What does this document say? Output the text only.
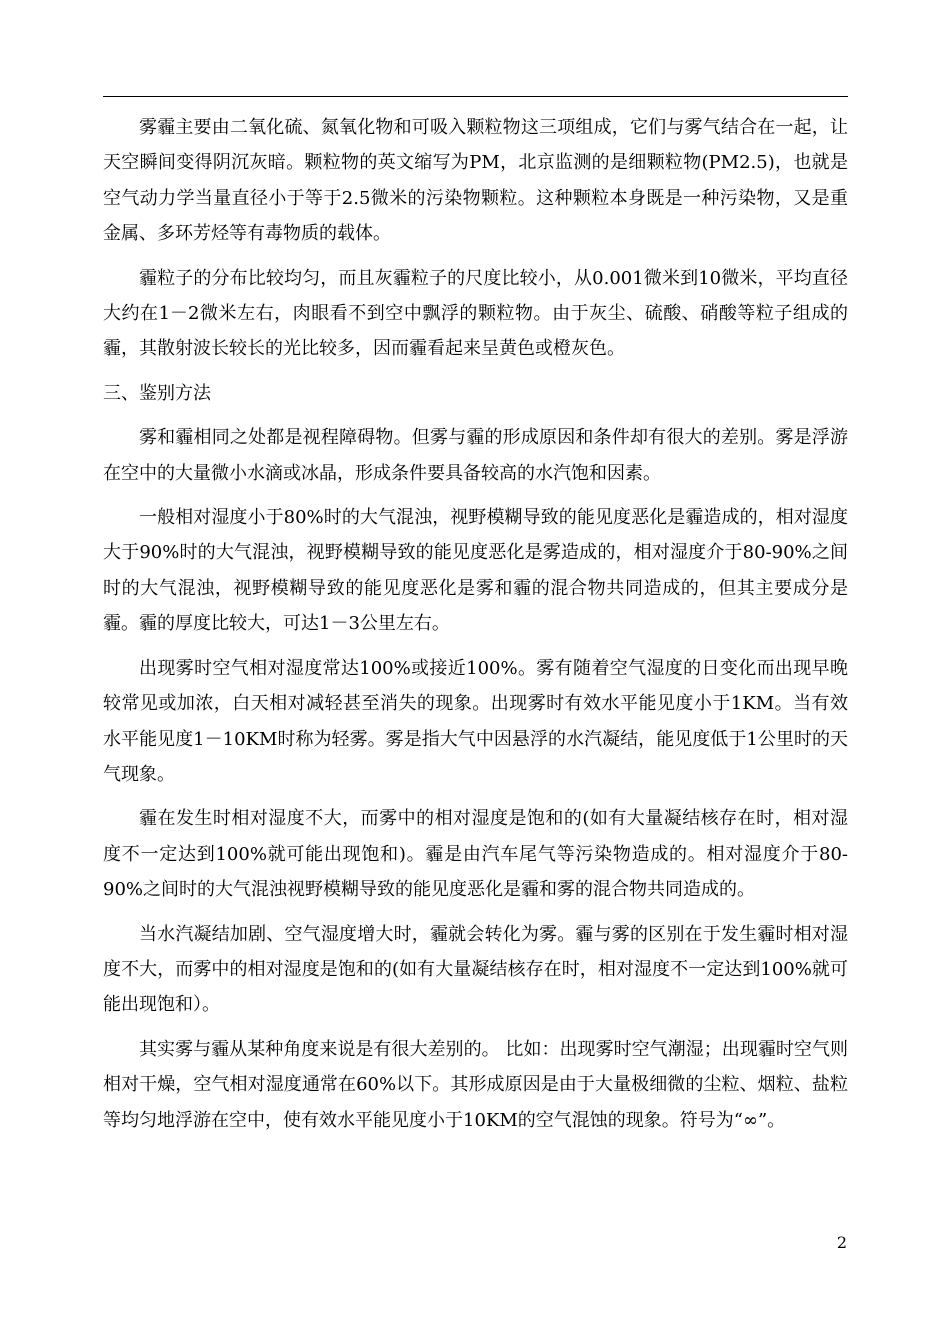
雾霾主要由二氧化硫、氮氧化物和可吸入颗粒物这三项组成，它们与雾气结合在一起，让天空瞬间变得阴沉灰暗。颗粒物的英文缩写为PM，北京监测的是细颗粒物(PM2.5)，也就是空气动力学当量直径小于等于2.5微米的污染物颗粒。这种颗粒本身既是一种污染物，又是重金属、多环芳烃等有毒物质的载体。

霾粒子的分布比较均匀，而且灰霾粒子的尺度比较小，从0.001微米到10微米，平均直径大约在1－2微米左右，肉眼看不到空中飘浮的颗粒物。由于灰尘、硫酸、硝酸等粒子组成的霾，其散射波长较长的光比较多，因而霾看起来呈黄色或橙灰色。

三、鉴别方法

雾和霾相同之处都是视程障碍物。但雾与霾的形成原因和条件却有很大的差别。雾是浮游在空中的大量微小水滴或冰晶，形成条件要具备较高的水汽饱和因素。

一般相对湿度小于80%时的大气混浊，视野模糊导致的能见度恶化是霾造成的，相对湿度大于90%时的大气混浊，视野模糊导致的能见度恶化是雾造成的，相对湿度介于80-90%之间时的大气混浊，视野模糊导致的能见度恶化是雾和霾的混合物共同造成的，但其主要成分是霾。霾的厚度比较大，可达1－3公里左右。

出现雾时空气相对湿度常达100%或接近100%。雾有随着空气湿度的日变化而出现早晚较常见或加浓，白天相对减轻甚至消失的现象。出现雾时有效水平能见度小于1KM。当有效水平能见度1－10KM时称为轻雾。雾是指大气中因悬浮的水汽凝结，能见度低于1公里时的天气现象。

霾在发生时相对湿度不大，而雾中的相对湿度是饱和的(如有大量凝结核存在时，相对湿度不一定达到100%就可能出现饱和)。霾是由汽车尾气等污染物造成的。相对湿度介于80-90%之间时的大气混浊视野模糊导致的能见度恶化是霾和雾的混合物共同造成的。

当水汽凝结加剧、空气湿度增大时，霾就会转化为雾。霾与雾的区别在于发生霾时相对湿度不大，而雾中的相对湿度是饱和的(如有大量凝结核存在时，相对湿度不一定达到100%就可能出现饱和）。

其实雾与霾从某种角度来说是有很大差别的。 比如：出现雾时空气潮湿；出现霾时空气则相对干燥，空气相对湿度通常在60%以下。其形成原因是由于大量极细微的尘粒、烟粒、盐粒等均匀地浮游在空中，使有效水平能见度小于10KM的空气混蚀的现象。符号为“∞”。

2
